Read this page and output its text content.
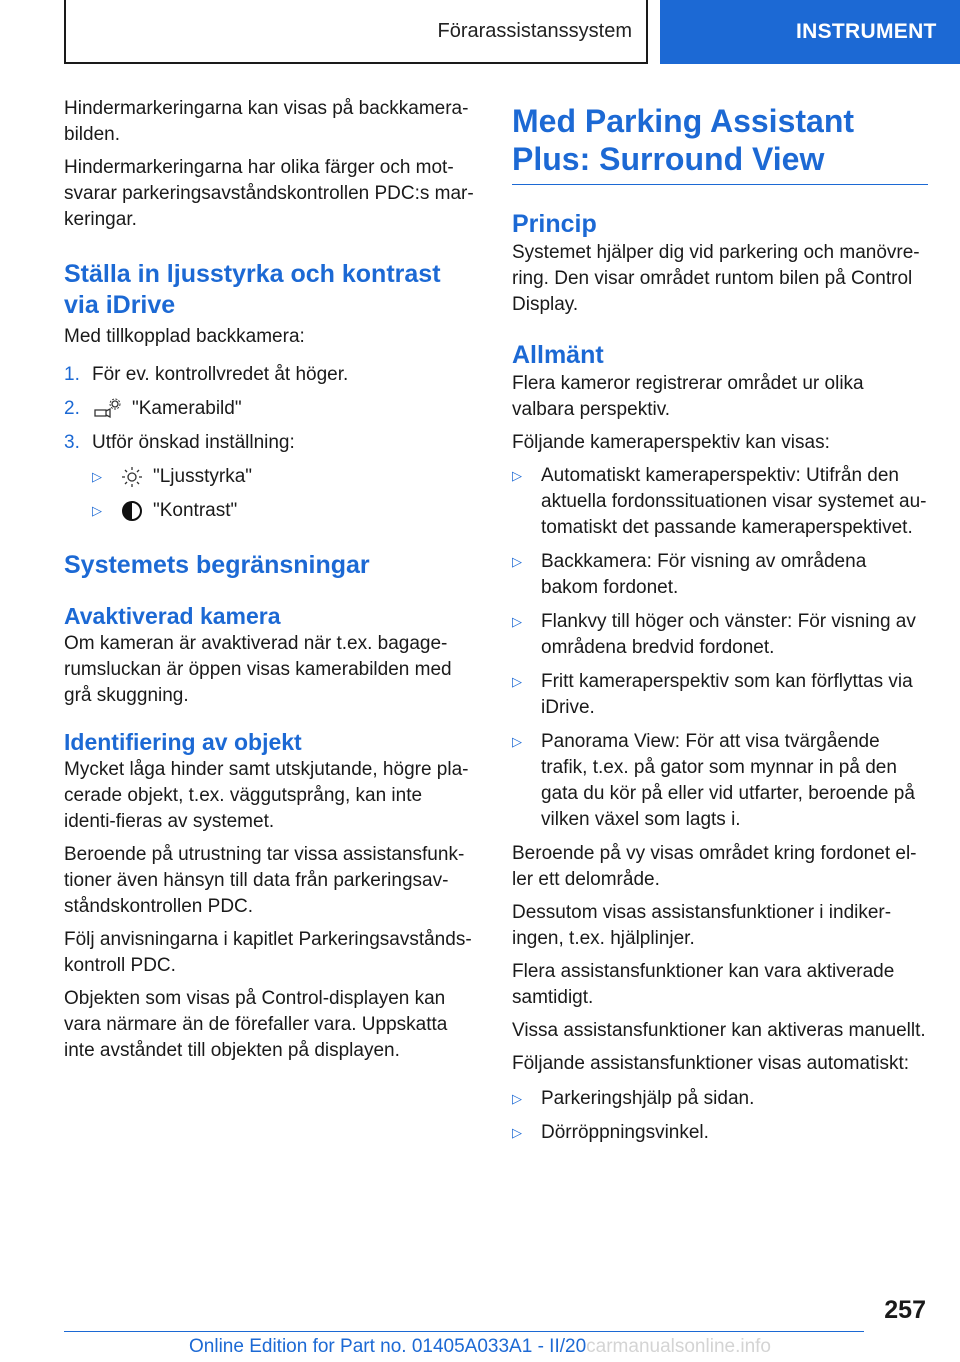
Förarassistanssystem	INSTRUMENT

Hindermarkeringarna kan visas på backkamera-bilden.

Hindermarkeringarna har olika färger och mot-svarar parkeringsavståndskontrollen PDC:s mar-keringar.

Ställa in ljusstyrka och kontrast via iDrive

Med tillkopplad backkamera:

1. För ev. kontrollvredet åt höger.
2.	"Kamerabild"
3. Utför önskad inställning:
▷	"Ljusstyrka"
▷	"Kontrast"
Systemets begränsningar
Avaktiverad kamera

Om kameran är avaktiverad när t.ex. bagage-rumsluckan är öppen visas kamerabilden med grå skuggning.

Identifiering av objekt

Mycket låga hinder samt utskjutande, högre pla-cerade objekt, t.ex. väggutsprång, kan inte identi-fieras av systemet.

Beroende på utrustning tar vissa assistansfunk-tioner även hänsyn till data från parkeringsav-ståndskontrollen PDC.

Följ anvisningarna i kapitlet Parkeringsavstånds-kontroll PDC.

Objekten som visas på Control-displayen kan vara närmare än de förefaller vara. Uppskatta inte avståndet till objekten på displayen.

Med Parking Assistant Plus: Surround View
Princip

Systemet hjälper dig vid parkering och manövre-ring. Den visar området runtom bilen på Control Display.

Allmänt

Flera kameror registrerar området ur olika valbara perspektiv.

Följande kameraperspektiv kan visas:

▷	Automatiskt kameraperspektiv: Utifrån den aktuella fordonssituationen visar systemet au-tomatiskt det passande kameraperspektivet.
▷	Backkamera: För visning av områdena bakom fordonet.
▷	Flankvy till höger och vänster: För visning av områdena bredvid fordonet.
▷	Fritt kameraperspektiv som kan förflyttas via iDrive.
▷	Panorama View: För att visa tvärgående trafik, t.ex. på gator som mynnar in på den gata du kör på eller vid utfarter, beroende på vilken växel som lagts i.

Beroende på vy visas området kring fordonet el-ler ett delområde.

Dessutom visas assistansfunktioner i indiker-ingen, t.ex. hjälplinjer.

Flera assistansfunktioner kan vara aktiverade samtidigt.

Vissa assistansfunktioner kan aktiveras manuellt.

Följande assistansfunktioner visas automatiskt:

▷	Parkeringshjälp på sidan.
▷	Dörröppningsvinkel.
257
Online Edition for Part no. 01405A033A1 - II/20carmanualsonline.info
